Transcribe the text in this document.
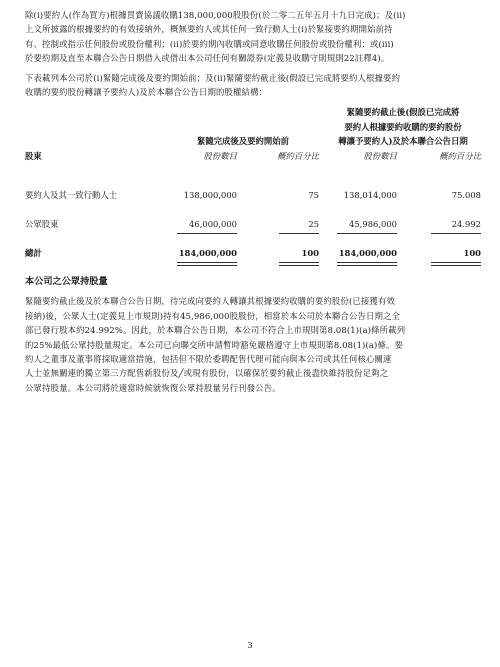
除(i)要約人(作為買方)根據買賣協議收購138,000,000股股份(於二零二五年五月十九日完成)；及(ii)
上文所披露的根據要約的有效接納外，概無要約人或其任何一致行動人士(i)於緊接要約期開始前持
有、控制或指示任何股份或股份權利；(ii)於要約期內收購或同意收購任何股份或股份權利；或(iii)
於要約期及直至本聯合公告日期借入或借出本公司任何有關證券(定義見收購守則規則22註釋4)。

下表載列本公司於(i)緊隨完成後及要約開始前；及(ii)緊隨要約截止後(假設已完成將要約人根據要約
收購的要約股份轉讓予要約人)及於本聯合公告日期的股權結構：

緊隨要約截止後(假設已完成將
要約人根據要約收購的要約股份
轉讓予要約人)及於本聯合公告日期
緊隨完成後及要約開始前
股東	股份數目	概約百分比	股份數目	概約百分比
要約人及其一致行動人士	138,000,000	75	138,014,000	75.008
公眾股東	46,000,000	25	45,986,000	24.992
總計	184,000,000	100	184,000,000	100
本公司之公眾持股量

緊隨要約截止後及於本聯合公告日期，待完成向要約人轉讓其根據要約收購的要約股份(已接獲有效
接納)後，公眾人士(定義見上市規則)持有45,986,000股股份，相當於本公司於本聯合公告日期之全
部已發行股本約24.992%。因此，於本聯合公告日期，本公司不符合上市規則第8.08(1)(a)條所載列
的25%最低公眾持股量規定。本公司已向聯交所申請暫時豁免嚴格遵守上市規則第8.08(1)(a)條。要
約人之董事及董事將採取適當措施，包括但不限於委聘配售代理可能向與本公司或其任何核心關連
人士並無關連的獨立第三方配售新股份及╱或現有股份，以確保於要約截止後盡快維持股份足夠之
公眾持股量。本公司將於適當時候就恢復公眾持股量另行刊發公告。

3
